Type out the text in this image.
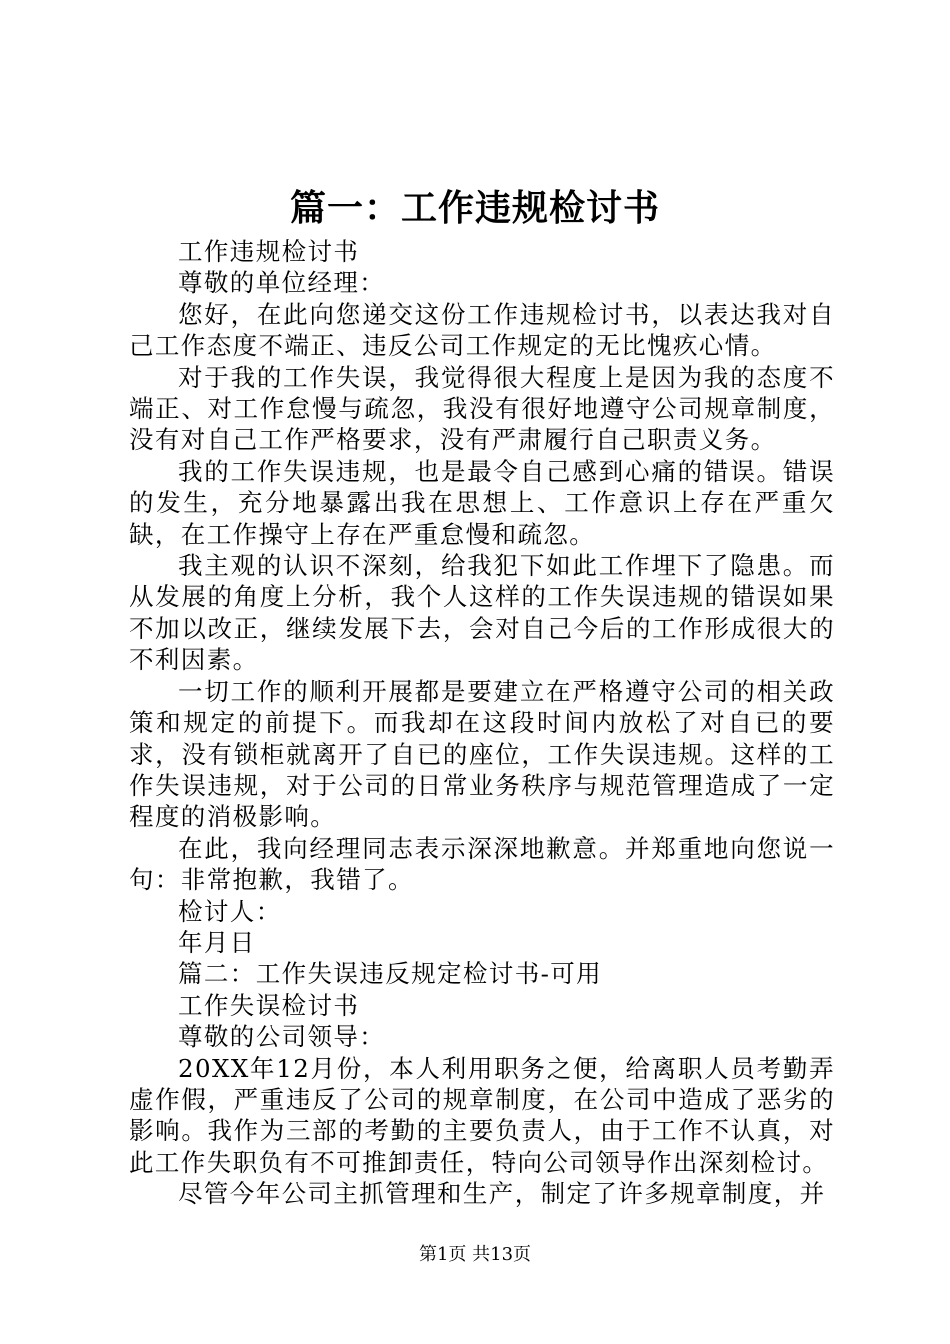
篇一：工作违规检讨书

工作违规检讨书

尊敬的单位经理：

您好，在此向您递交这份工作违规检讨书，以表达我对自己工作态度不端正、违反公司工作规定的无比愧疚心情。

对于我的工作失误，我觉得很大程度上是因为我的态度不端正、对工作怠慢与疏忽，我没有很好地遵守公司规章制度，没有对自己工作严格要求，没有严肃履行自己职责义务。

我的工作失误违规，也是最令自己感到心痛的错误。错误的发生，充分地暴露出我在思想上、工作意识上存在严重欠缺，在工作操守上存在严重怠慢和疏忽。

我主观的认识不深刻，给我犯下如此工作埋下了隐患。而从发展的角度上分析，我个人这样的工作失误违规的错误如果不加以改正，继续发展下去，会对自己今后的工作形成很大的不利因素。

一切工作的顺利开展都是要建立在严格遵守公司的相关政策和规定的前提下。而我却在这段时间内放松了对自已的要求，没有锁柜就离开了自已的座位，工作失误违规。这样的工作失误违规，对于公司的日常业务秩序与规范管理造成了一定程度的消极影响。

在此，我向经理同志表示深深地歉意。并郑重地向您说一句：非常抱歉，我错了。

检讨人：

年月日

篇二：工作失误违反规定检讨书-可用

工作失误检讨书

尊敬的公司领导：

20XX年12月份，本人利用职务之便，给离职人员考勤弄虚作假，严重违反了公司的规章制度，在公司中造成了恶劣的影响。我作为三部的考勤的主要负责人，由于工作不认真，对此工作失职负有不可推卸责任，特向公司领导作出深刻检讨。

尽管今年公司主抓管理和生产，制定了许多规章制度，并

第1页 共13页
